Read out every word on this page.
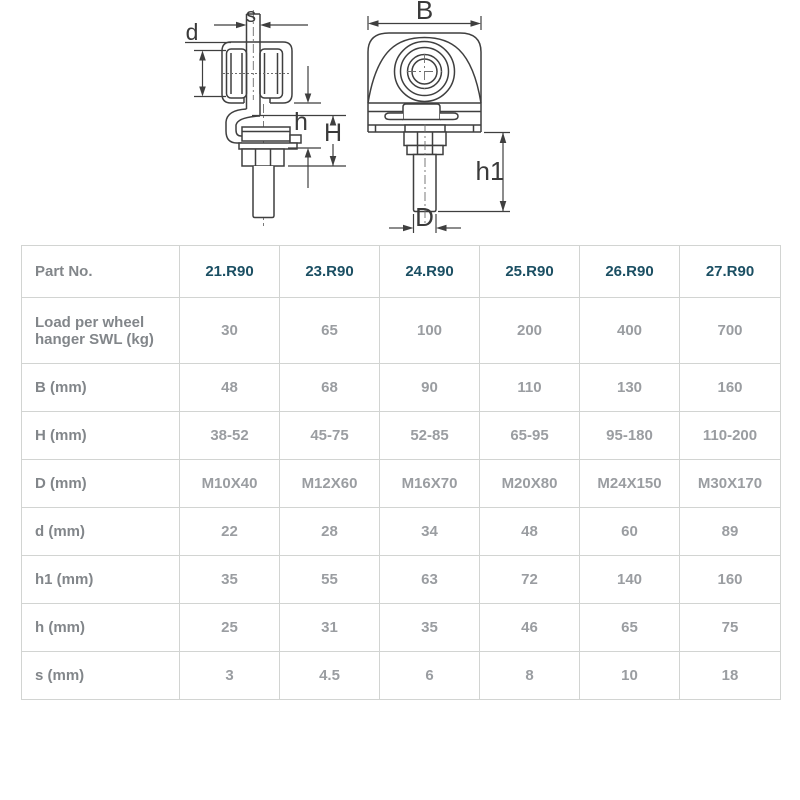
s
d
h H
B
h1
D
Part No.	21.R90	23.R90	24.R90	25.R90	26.R90	27.R90
Load per wheel hanger SWL (kg)	30	65	100	200	400	700
B (mm)	48	68	90	110	130	160
H (mm)	38-52	45-75	52-85	65-95	95-180	110-200
D (mm)	M10X40	M12X60	M16X70	M20X80	M24X150	M30X170
d (mm)	22	28	34	48	60	89
h1 (mm)	35	55	63	72	140	160
h (mm)	25	31	35	46	65	75
s (mm)	3	4.5	6	8	10	18
